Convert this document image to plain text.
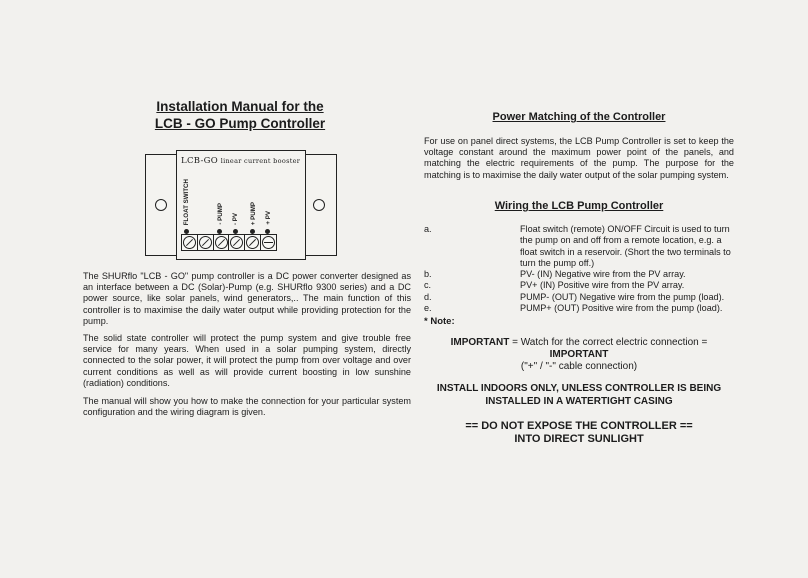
Installation Manual for the
LCB - GO Pump Controller
LCB-GO linear current booster
FLOAT SWITCH	- PUMP - PV + PUMP + PV
The SHURflo "LCB - GO" pump controller is a DC power converter designed as an interface between a DC (Solar)-Pump (e.g. SHURflo 9300 series) and a DC power source, like solar panels, wind generators,.. The main function of this controller is to maximise the daily water output while providing protection for the pump.
The solid state controller will protect the pump system and give trouble free service for many years. When used in a solar pumping system, directly connected to the solar power, it will protect the pump from over voltage and over current conditions as well as will provide current boosting in low sunshine (radiation) conditions.
The manual will show you how to make the connection for your particular system configuration and the wiring diagram is given.
Power Matching of the Controller
For use on panel direct systems, the LCB Pump Controller is set to keep the voltage constant around the maximum power point of the panels, and matching the electric requirements of the pump. The purpose for the matching is to maximise the daily water output of the solar pumping system.
Wiring the LCB Pump Controller
a.	Float switch (remote) ON/OFF Circuit is used to turn the pump on and off from a remote location, e.g. a float switch in a reservoir. (Short the two terminals to turn the pump off.)
b.	PV- (IN) Negative wire from the PV array.
c.	PV+ (IN) Positive wire from the PV array.
d.	PUMP- (OUT) Negative wire from the pump (load).
e.	PUMP+ (OUT) Positive wire from the pump (load).
* Note:
IMPORTANT = Watch for the correct electric connection =
IMPORTANT
("+" / "-" cable connection)
INSTALL INDOORS ONLY, UNLESS CONTROLLER IS BEING
INSTALLED IN A WATERTIGHT CASING
== DO NOT EXPOSE THE CONTROLLER ==
INTO DIRECT SUNLIGHT
